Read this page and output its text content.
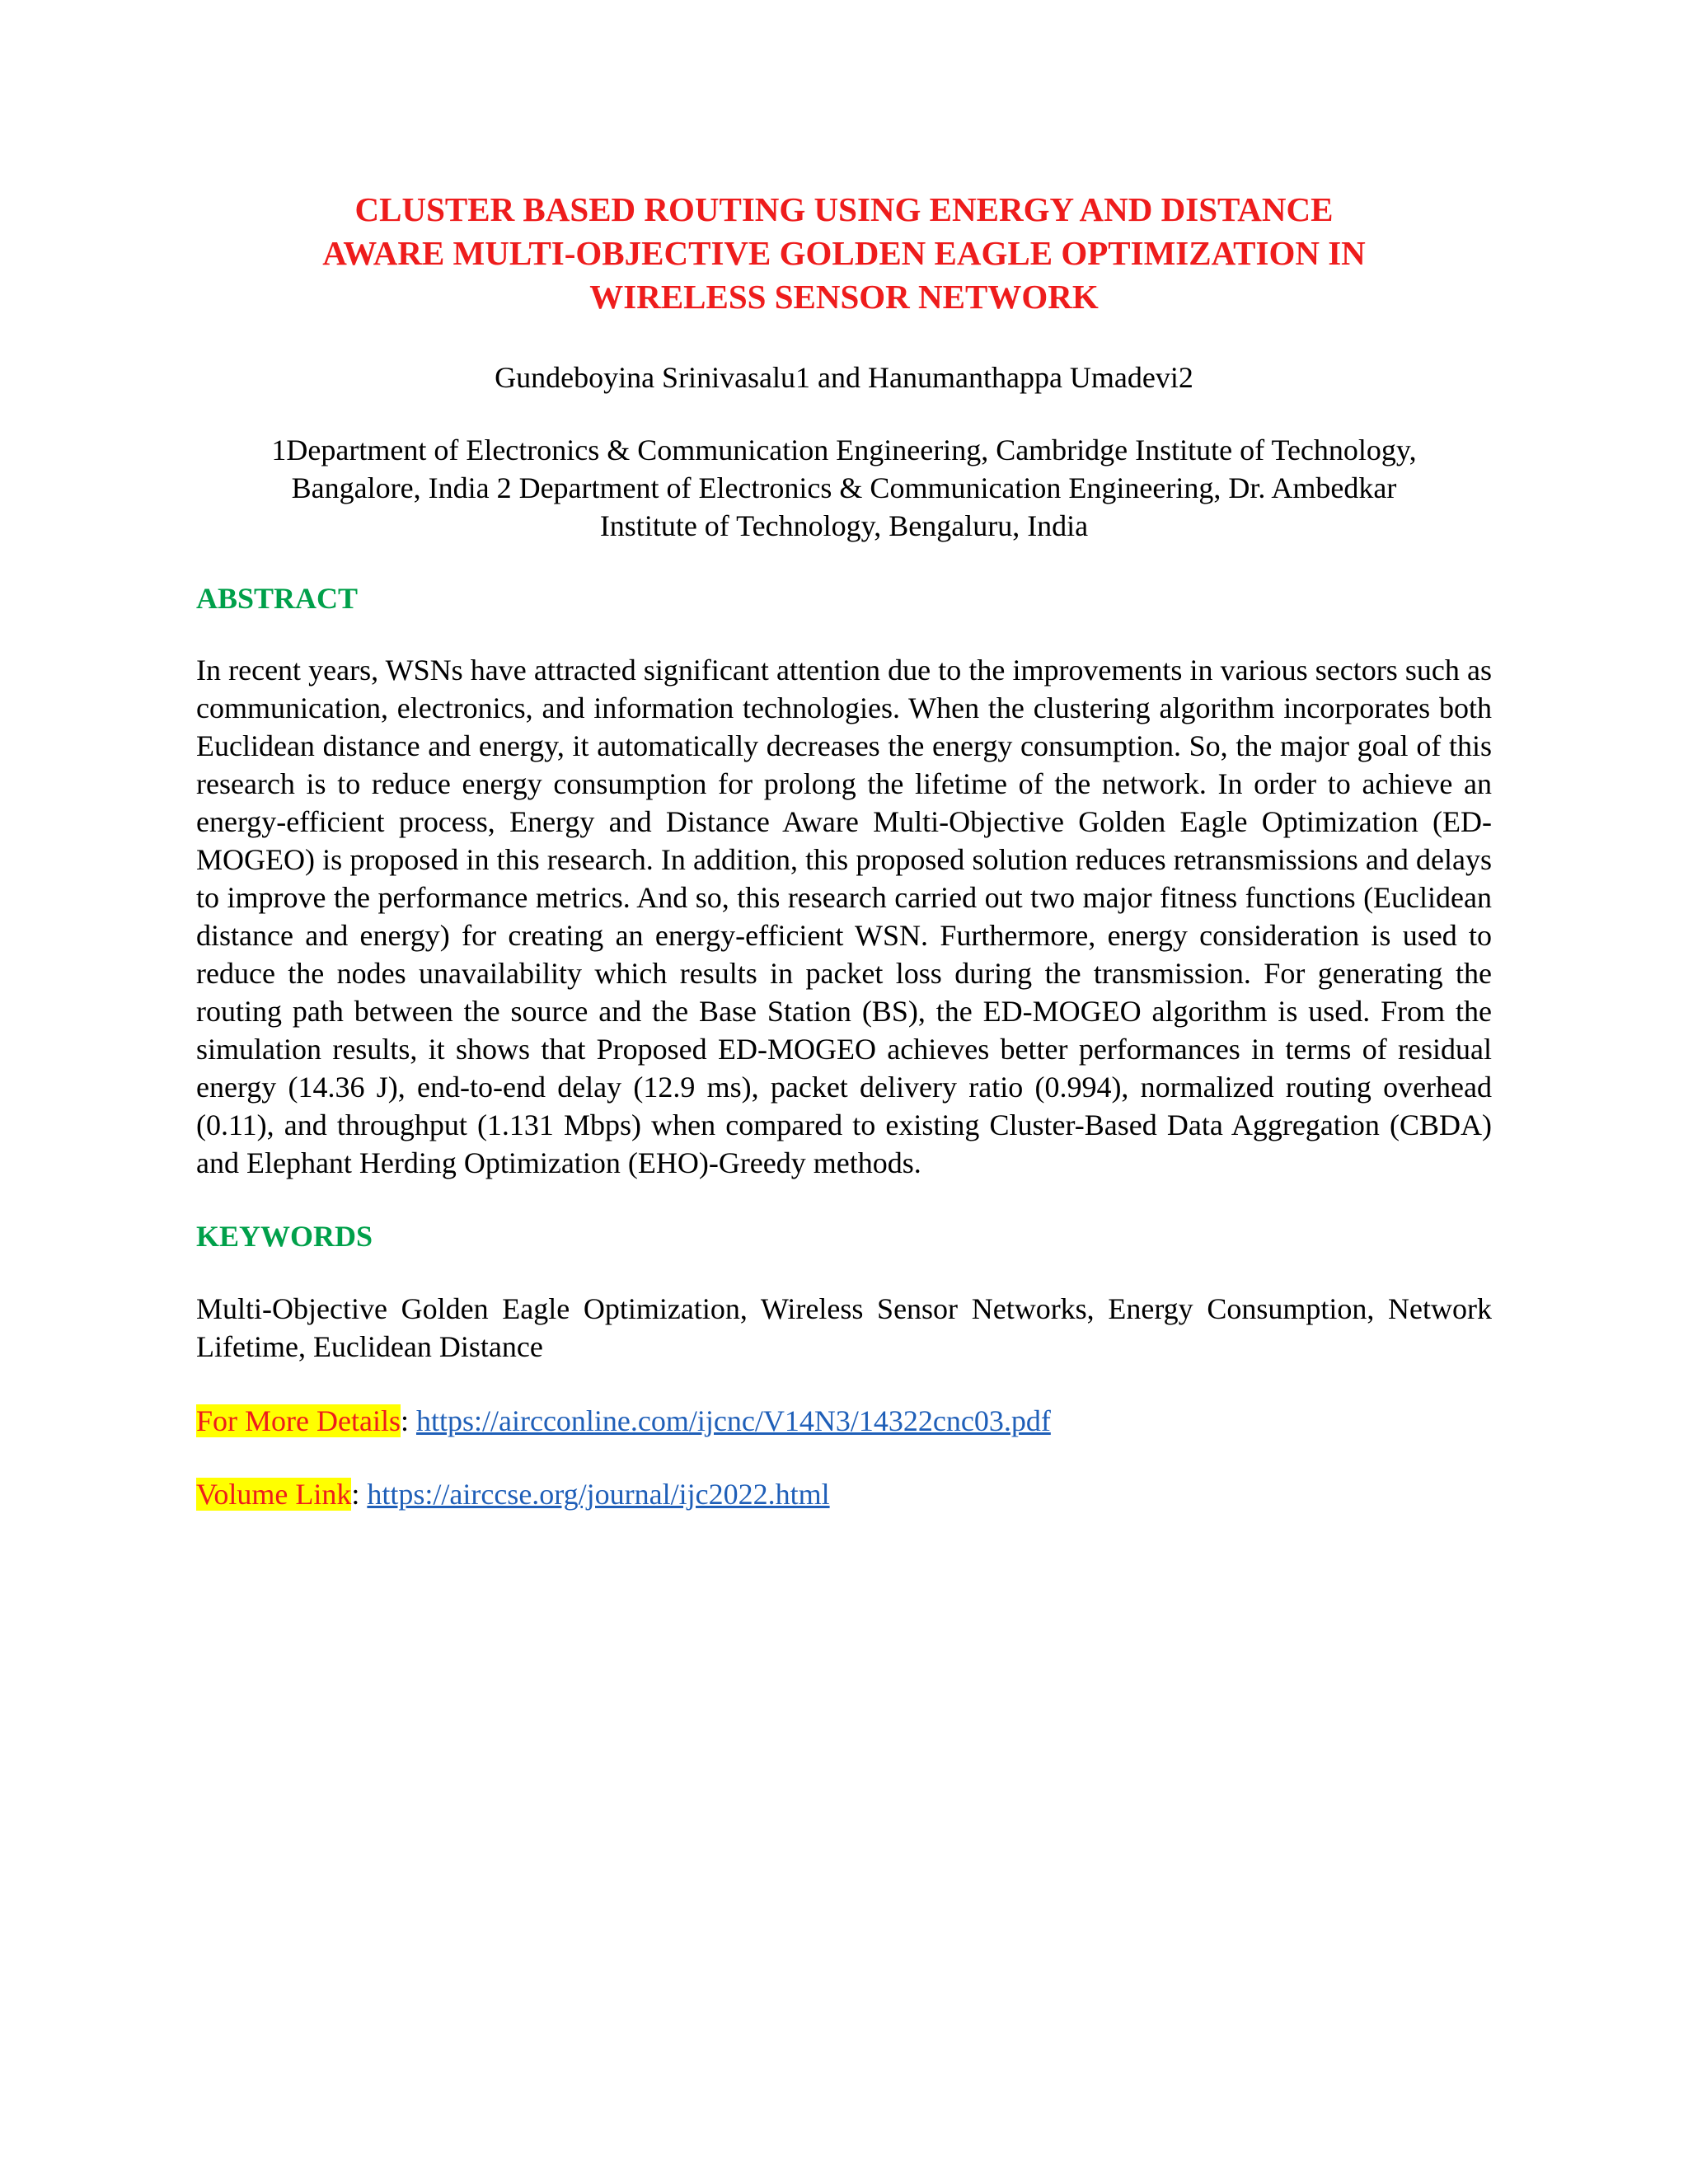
CLUSTER BASED ROUTING USING ENERGY AND DISTANCE
AWARE MULTI-OBJECTIVE GOLDEN EAGLE OPTIMIZATION IN
WIRELESS SENSOR NETWORK
Gundeboyina Srinivasalu1 and Hanumanthappa Umadevi2
1Department of Electronics & Communication Engineering, Cambridge Institute of Technology,
Bangalore, India 2 Department of Electronics & Communication Engineering, Dr. Ambedkar
Institute of Technology, Bengaluru, India
ABSTRACT

In recent years, WSNs have attracted significant attention due to the improvements in various sectors such as communication, electronics, and information technologies. When the clustering algorithm incorporates both Euclidean distance and energy, it automatically decreases the energy consumption. So, the major goal of this research is to reduce energy consumption for prolong the lifetime of the network. In order to achieve an energy-efficient process, Energy and Distance Aware Multi-Objective Golden Eagle Optimization (ED-MOGEO) is proposed in this research. In addition, this proposed solution reduces retransmissions and delays to improve the performance metrics. And so, this research carried out two major fitness functions (Euclidean distance and energy) for creating an energy-efficient WSN. Furthermore, energy consideration is used to reduce the nodes unavailability which results in packet loss during the transmission. For generating the routing path between the source and the Base Station (BS), the ED-MOGEO algorithm is used. From the simulation results, it shows that Proposed ED-MOGEO achieves better performances in terms of residual energy (14.36 J), end-to-end delay (12.9 ms), packet delivery ratio (0.994), normalized routing overhead (0.11), and throughput (1.131 Mbps) when compared to existing Cluster-Based Data Aggregation (CBDA) and Elephant Herding Optimization (EHO)-Greedy methods.

KEYWORDS

Multi-Objective Golden Eagle Optimization, Wireless Sensor Networks, Energy Consumption, Network Lifetime, Euclidean Distance

For More Details: https://aircconline.com/ijcnc/V14N3/14322cnc03.pdf
Volume Link: https://airccse.org/journal/ijc2022.html
